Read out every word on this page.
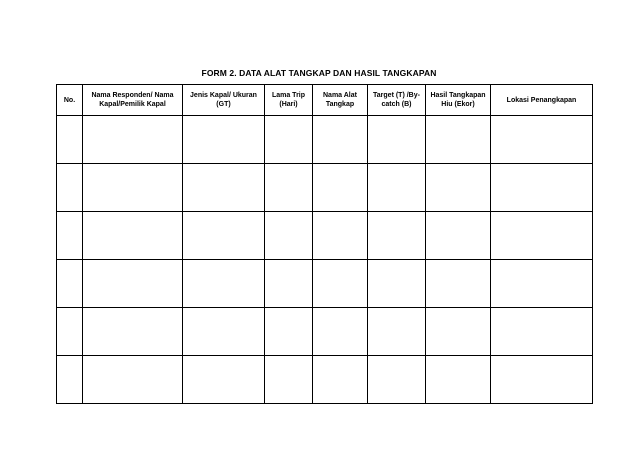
FORM 2. DATA ALAT TANGKAP DAN HASIL TANGKAPAN
No.	Nama Responden/ Nama Kapal/Pemilik Kapal	Jenis Kapal/ Ukuran (GT)	Lama Trip (Hari)	Nama Alat Tangkap	Target (T) /By-catch (B)	Hasil Tangkapan Hiu (Ekor)	Lokasi Penangkapan
